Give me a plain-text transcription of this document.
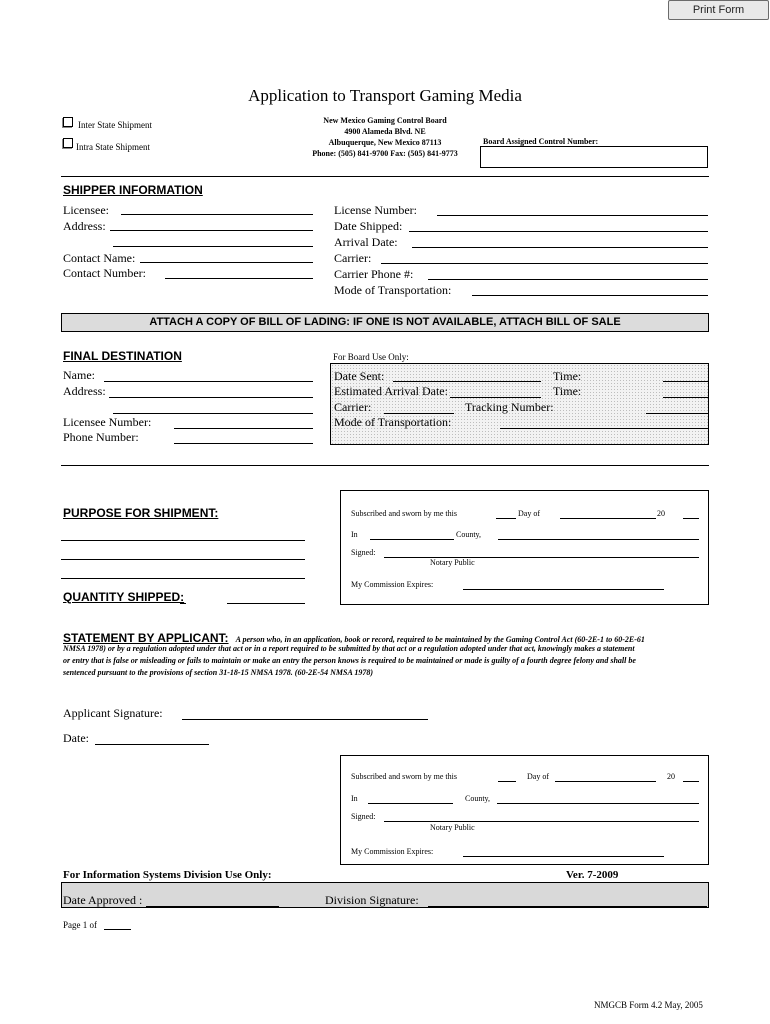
Print Form
Application to Transport Gaming Media
Inter State Shipment
Intra State Shipment
New Mexico Gaming Control Board
4900 Alameda Blvd. NE
Albuquerque, New Mexico 87113
Phone: (505) 841-9700 Fax: (505) 841-9773
Board Assigned Control Number:
SHIPPER INFORMATION
Licensee:
Address:
Contact Name:
Contact Number:
License Number:
Date Shipped:
Arrival Date:
Carrier:
Carrier Phone #:
Mode of Transportation:
ATTACH A COPY OF BILL OF LADING: IF ONE IS NOT AVAILABLE, ATTACH BILL OF SALE
FINAL DESTINATION
Name:
Address:
Licensee Number:
Phone Number:
For Board Use Only:
Date Sent:	Time:
Estimated Arrival Date:	Time:
Carrier:	Tracking Number:
Mode of Transportation:
PURPOSE FOR SHIPMENT:
QUANTITY SHIPPED:
Subscribed and sworn by me this	Day of	20
In	County,
Signed:
Notary Public
My Commission Expires:
STATEMENT BY APPLICANT: A person who, in an application, book or record, required to be maintained by the Gaming Control Act (60-2E-1 to 60-2E-61
NMSA 1978) or by a regulation adopted under that act or in a report required to be submitted by that act or a regulation adopted under that act, knowingly makes a statement
or entry that is false or misleading or fails to maintain or make an entry the person knows is required to be maintained or made is guilty of a fourth degree felony and shall be
sentenced pursuant to the provisions of section 31-18-15 NMSA 1978. (60-2E-54 NMSA 1978)
Applicant Signature:
Date:
Subscribed and sworn by me this	Day of	20
In	County,
Signed:
Notary Public
My Commission Expires:
For Information Systems Division Use Only:	Ver. 7-2009
Date Approved :	Division Signature:
Page 1 of
NMGCB Form 4.2 May, 2005
